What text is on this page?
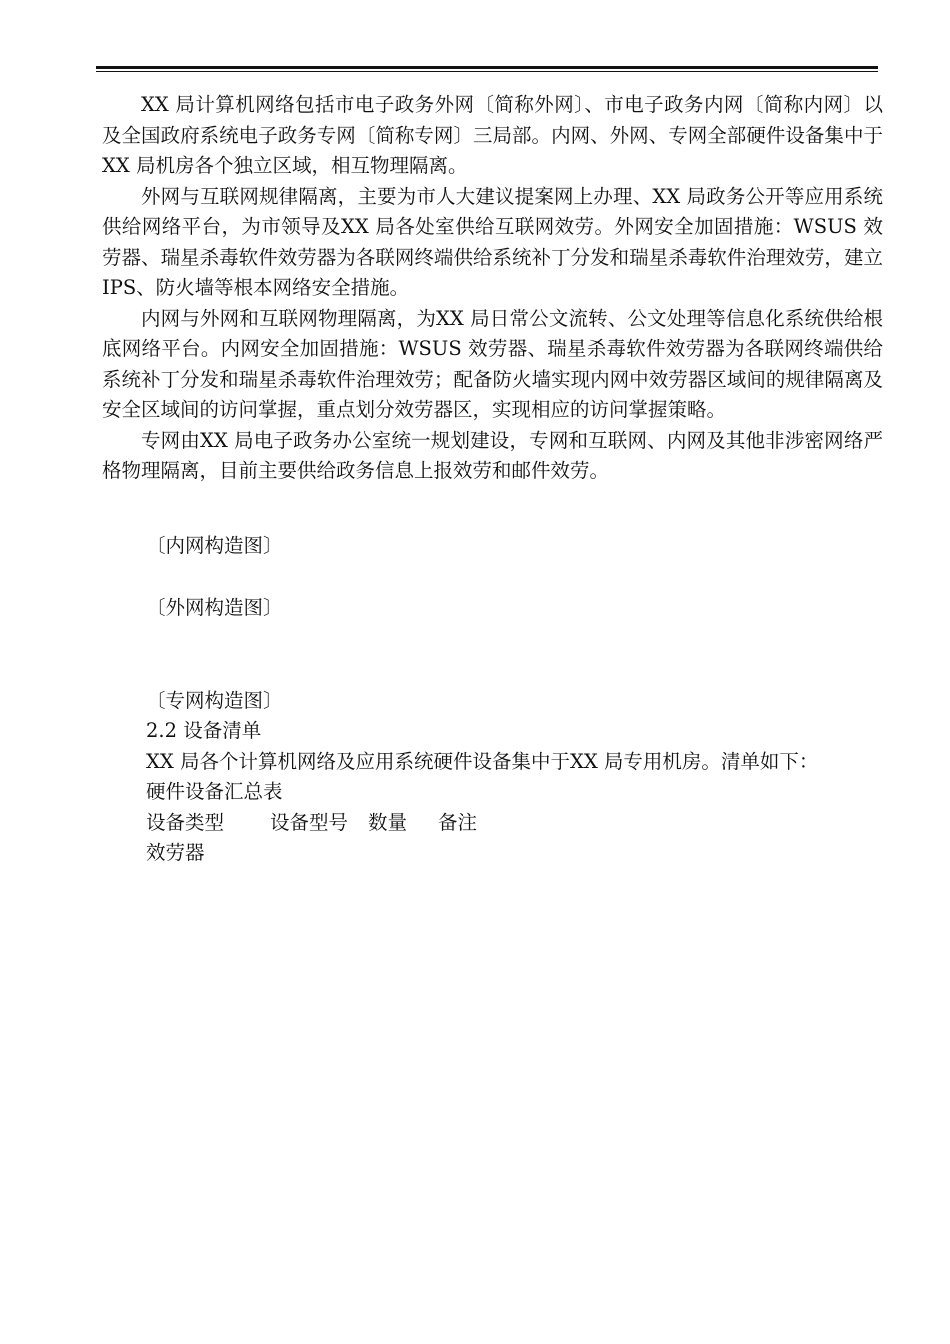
XX 局计算机网络包括市电子政务外网〔简称外网〕、市电子政务内网〔简称内网〕以及全国政府系统电子政务专网〔简称专网〕三局部。内网、外网、专网全部硬件设备集中于XX 局机房各个独立区域，相互物理隔离。

外网与互联网规律隔离，主要为市人大建议提案网上办理、XX 局政务公开等应用系统供给网络平台，为市领导及XX 局各处室供给互联网效劳。外网安全加固措施：WSUS 效劳器、瑞星杀毒软件效劳器为各联网终端供给系统补丁分发和瑞星杀毒软件治理效劳，建立IPS、防火墙等根本网络安全措施。

内网与外网和互联网物理隔离，为XX 局日常公文流转、公文处理等信息化系统供给根底网络平台。内网安全加固措施：WSUS 效劳器、瑞星杀毒软件效劳器为各联网终端供给系统补丁分发和瑞星杀毒软件治理效劳；配备防火墙实现内网中效劳器区域间的规律隔离及安全区域间的访问掌握，重点划分效劳器区，实现相应的访问掌握策略。

专网由XX 局电子政务办公室统一规划建设，专网和互联网、内网及其他非涉密网络严格物理隔离，目前主要供给政务信息上报效劳和邮件效劳。

〔内网构造图〕

〔外网构造图〕

〔专网构造图〕

2.2 设备清单

XX 局各个计算机网络及应用系统硬件设备集中于XX 局专用机房。清单如下：

硬件设备汇总表

设备类型	设备型号	数量	备注

效劳器
